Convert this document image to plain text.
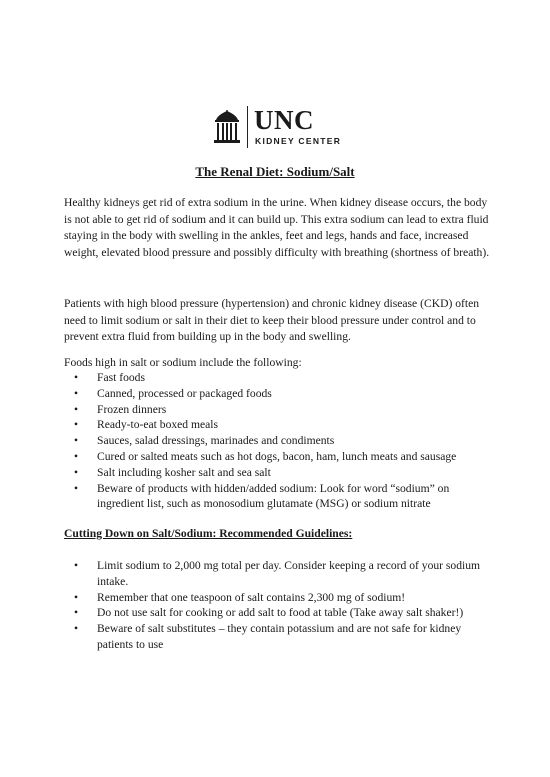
UNC
KIDNEY CENTER
The Renal Diet: Sodium/Salt
Healthy kidneys get rid of extra sodium in the urine. When kidney disease occurs, the body is not able to get rid of sodium and it can build up. This extra sodium can lead to extra fluid staying in the body with swelling in the ankles, feet and legs, hands and face, increased weight, elevated blood pressure and possibly difficulty with breathing (shortness of breath).
Patients with high blood pressure (hypertension) and chronic kidney disease (CKD) often need to limit sodium or salt in their diet to keep their blood pressure under control and to prevent extra fluid from building up in the body and swelling.
Foods high in salt or sodium include the following:
• Fast foods
• Canned, processed or packaged foods
• Frozen dinners
• Ready-to-eat boxed meals
• Sauces, salad dressings, marinades and condiments
• Cured or salted meats such as hot dogs, bacon, ham, lunch meats and sausage
• Salt including kosher salt and sea salt
• Beware of products with hidden/added sodium: Look for word “sodium” on ingredient list, such as monosodium glutamate (MSG) or sodium nitrate
Cutting Down on Salt/Sodium: Recommended Guidelines:
• Limit sodium to 2,000 mg total per day. Consider keeping a record of your sodium intake.
• Remember that one teaspoon of salt contains 2,300 mg of sodium!
• Do not use salt for cooking or add salt to food at table (Take away salt shaker!)
• Beware of salt substitutes – they contain potassium and are not safe for kidney patients to use
